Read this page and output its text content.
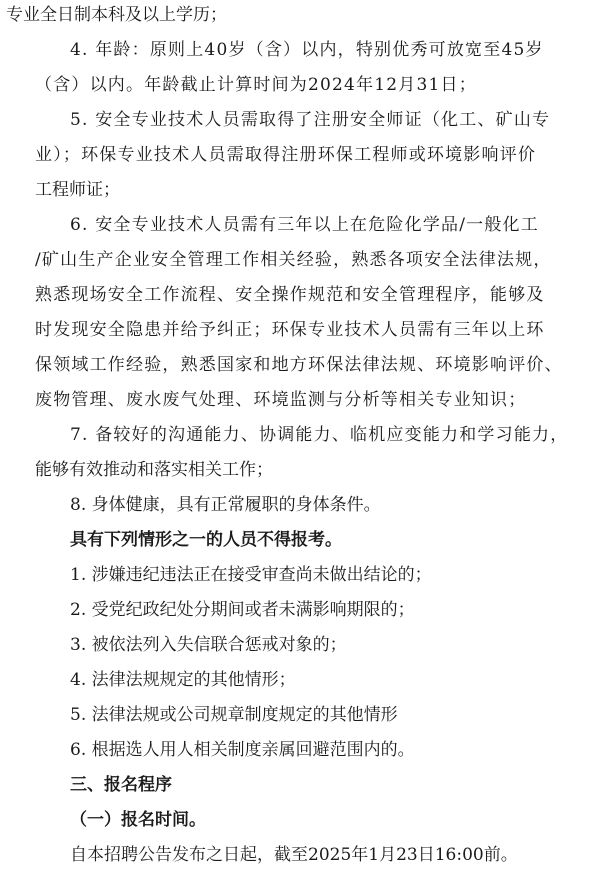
专业全日制本科及以上学历；
4. 年龄：原则上40岁（含）以内，特别优秀可放宽至45岁
（含）以内。年龄截止计算时间为2024年12月31日；
5. 安全专业技术人员需取得了注册安全师证（化工、矿山专
业）；环保专业技术人员需取得注册环保工程师或环境影响评价
工程师证；
6. 安全专业技术人员需有三年以上在危险化学品/一般化工
/矿山生产企业安全管理工作相关经验，熟悉各项安全法律法规，
熟悉现场安全工作流程、安全操作规范和安全管理程序，能够及
时发现安全隐患并给予纠正；环保专业技术人员需有三年以上环
保领域工作经验，熟悉国家和地方环保法律法规、环境影响评价、
废物管理、废水废气处理、环境监测与分析等相关专业知识；
7. 备较好的沟通能力、协调能力、临机应变能力和学习能力，
能够有效推动和落实相关工作；
8. 身体健康，具有正常履职的身体条件。
具有下列情形之一的人员不得报考。
1. 涉嫌违纪违法正在接受审查尚未做出结论的；
2. 受党纪政纪处分期间或者未满影响期限的；
3. 被依法列入失信联合惩戒对象的；
4. 法律法规规定的其他情形；
5. 法律法规或公司规章制度规定的其他情形
6. 根据选人用人相关制度亲属回避范围内的。
三、报名程序
（一）报名时间。
自本招聘公告发布之日起，截至2025年1月23日16:00前。
